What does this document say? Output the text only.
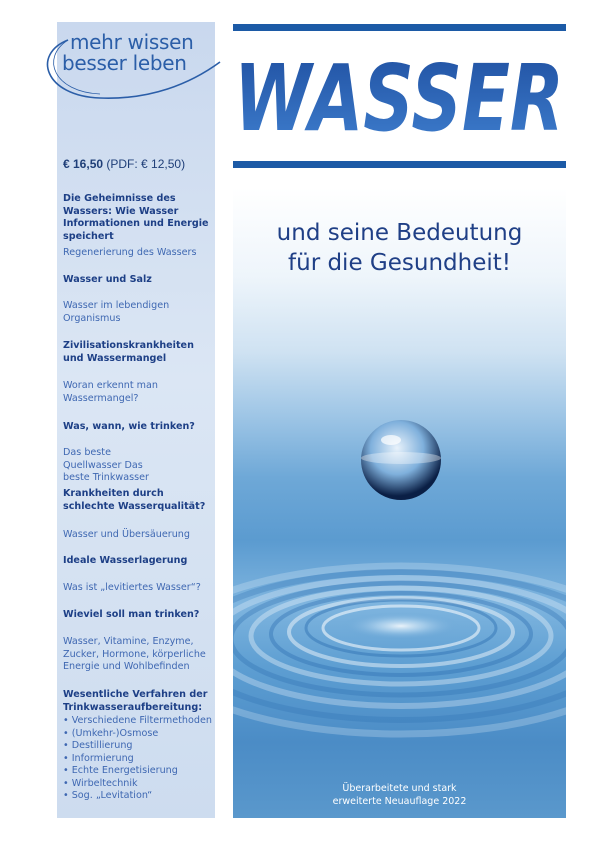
mehr wissen
besser leben
€ 16,50 (PDF: € 12,50)
Die Geheimnisse des Wassers: Wie Wasser Informationen und Energie speichert
Regenerierung des Wassers
Wasser und Salz
Wasser im lebendigen Organismus
Zivilisationskrankheiten und Wassermangel
Woran erkennt man Wassermangel?
Was, wann, wie trinken?
Das beste Quellwasser Das beste Trinkwasser
Krankheiten durch schlechte Wasserqualität?
Wasser und Übersäuerung
Ideale Wasserlagerung
Was ist „levitiertes Wasser“?
Wieviel soll man trinken?
Wasser, Vitamine, Enzyme, Zucker, Hormone, körperliche Energie und Wohlbefinden
Wesentliche Verfahren der Trinkwasseraufbereitung:
• Verschiedene Filtermethoden
• (Umkehr-)Osmose
• Destillierung
• Informierung
• Echte Energetisierung
• Wirbeltechnik
• Sog. „Levitation“
WASSER
und seine Bedeutung
für die Gesundheit!
Überarbeitete und stark
erweiterte Neuauflage 2022
